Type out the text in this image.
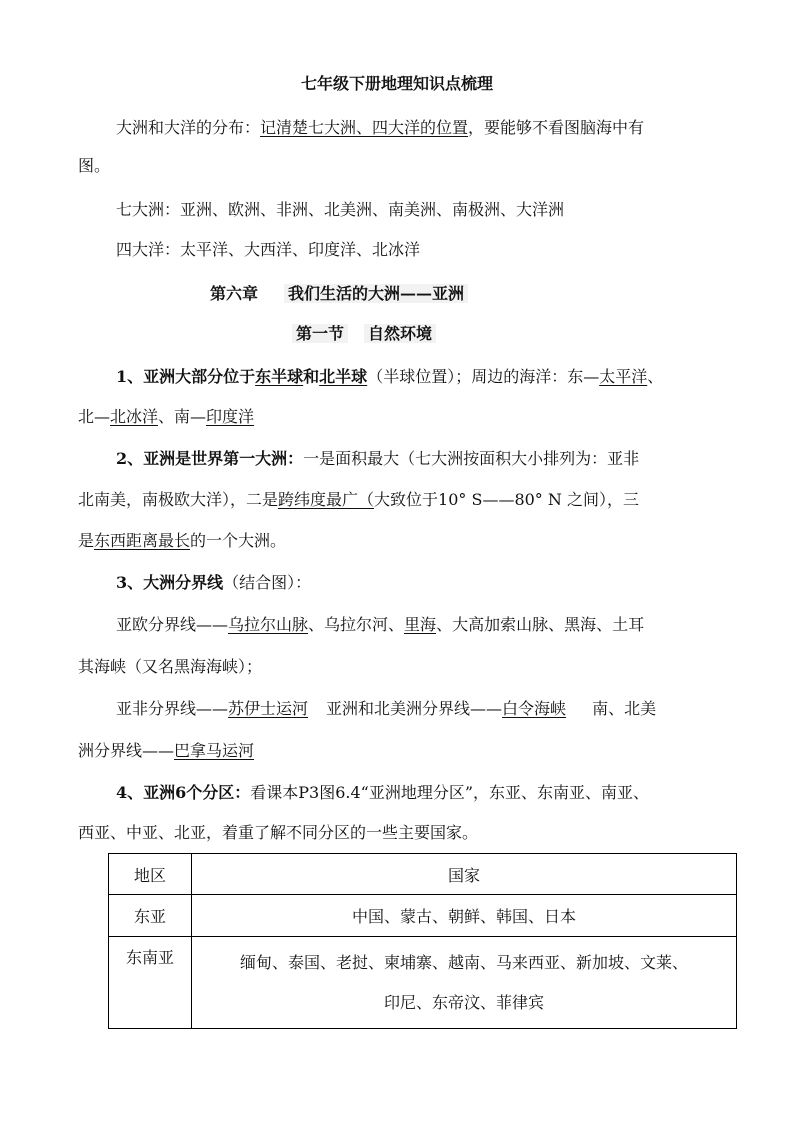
七年级下册地理知识点梳理
大洲和大洋的分布：记清楚七大洲、四大洋的位置，要能够不看图脑海中有
图。
七大洲：亚洲、欧洲、非洲、北美洲、南美洲、南极洲、大洋洲
四大洋：太平洋、大西洋、印度洋、北冰洋
第六章 我们生活的大洲——亚洲
第一节 自然环境
1、亚洲大部分位于东半球和北半球（半球位置）；周边的海洋：东—太平洋、
北—北冰洋、南—印度洋
2、亚洲是世界第一大洲：一是面积最大（七大洲按面积大小排列为：亚非
北南美，南极欧大洋），二是跨纬度最广（大致位于10° S——80° N 之间），三
是东西距离最长的一个大洲。
3、大洲分界线（结合图）：
亚欧分界线——乌拉尔山脉、乌拉尔河、里海、大高加索山脉、黑海、土耳
其海峡（又名黑海海峡）；
亚非分界线——苏伊士运河 亚洲和北美洲分界线——白令海峡 南、北美
洲分界线——巴拿马运河
4、亚洲6个分区：看课本P3图6.4“亚洲地理分区”，东亚、东南亚、南亚、
西亚、中亚、北亚，着重了解不同分区的一些主要国家。
地区	国家
东亚	中国、蒙古、朝鲜、韩国、日本
东南亚	缅甸、泰国、老挝、柬埔寨、越南、马来西亚、新加坡、文莱、
印尼、东帝汶、菲律宾
